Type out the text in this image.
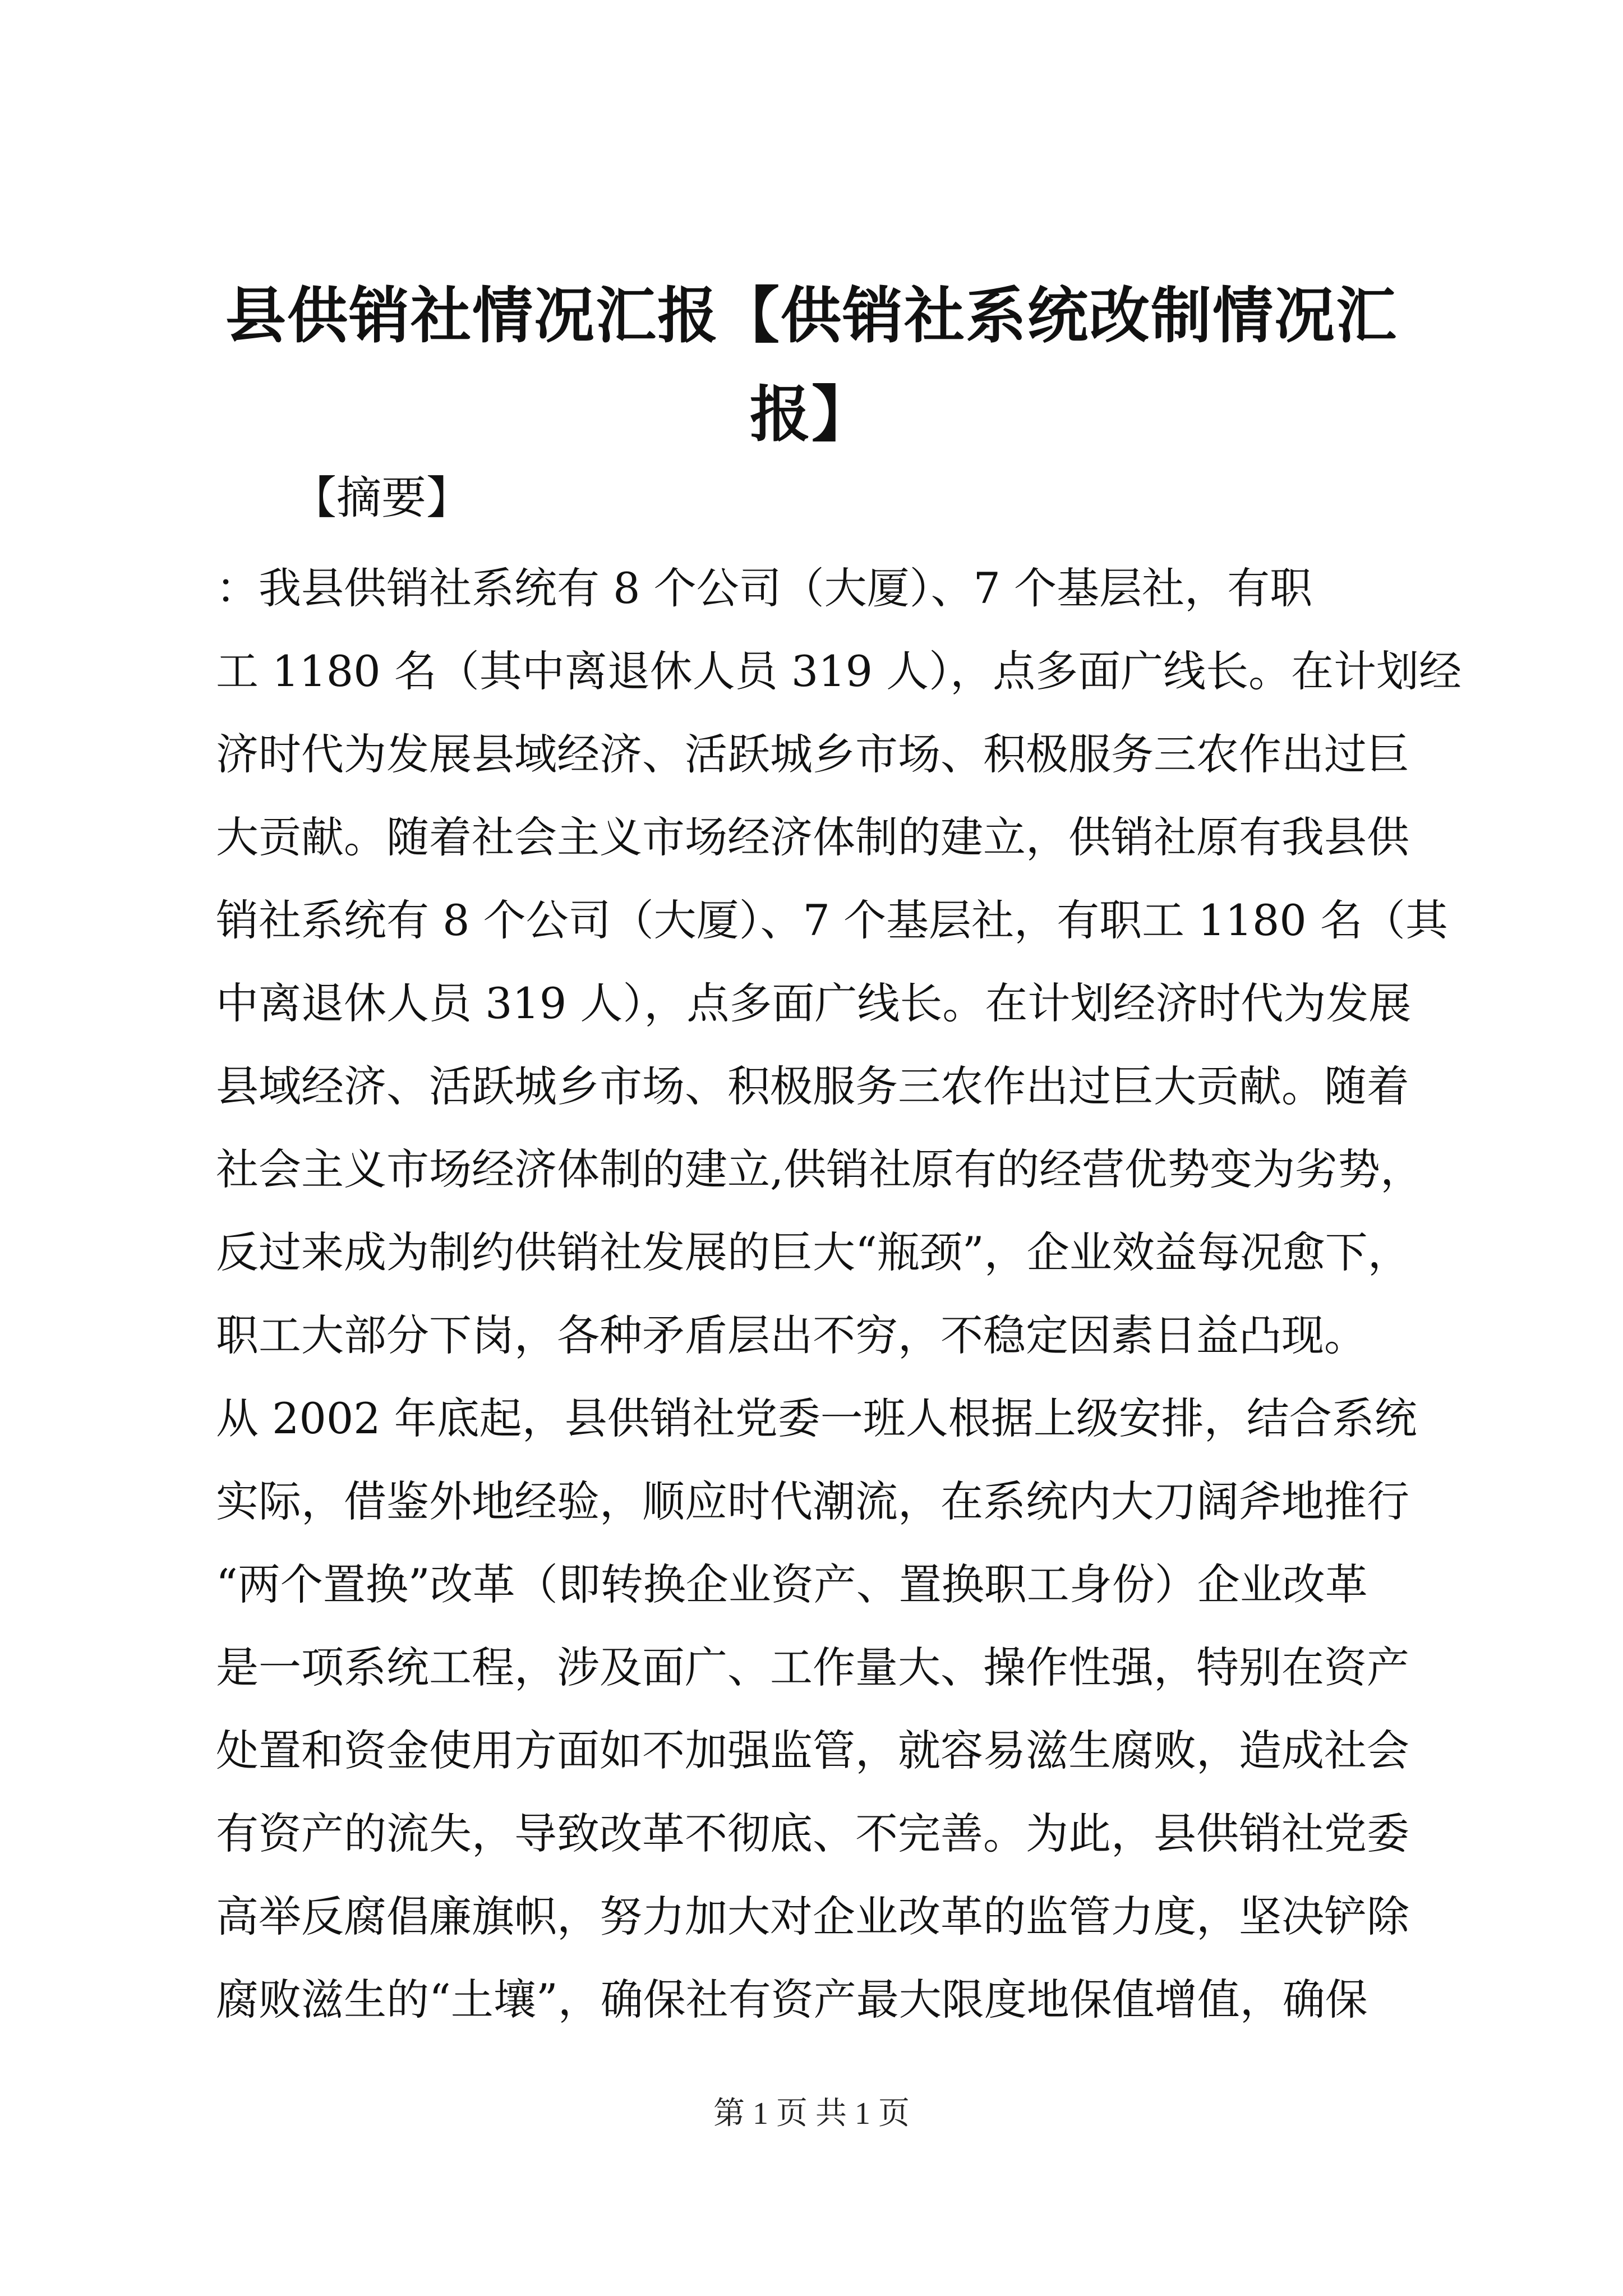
县供销社情况汇报【供销社系统改制情况汇
报】

【摘要】

：我县供销社系统有 8 个公司（大厦）、7 个基层社，有职
工 1180 名（其中离退休人员 319 人），点多面广线长。在计划经
济时代为发展县域经济、活跃城乡市场、积极服务三农作出过巨
大贡献。随着社会主义市场经济体制的建立，供销社原有我县供
销社系统有 8 个公司（大厦）、7 个基层社，有职工 1180 名（其
中离退休人员 319 人），点多面广线长。在计划经济时代为发展
县域经济、活跃城乡市场、积极服务三农作出过巨大贡献。随着
社会主义市场经济体制的建立,供销社原有的经营优势变为劣势，
反过来成为制约供销社发展的巨大“瓶颈”，企业效益每况愈下，
职工大部分下岗，各种矛盾层出不穷，不稳定因素日益凸现。
从 2002 年底起，县供销社党委一班人根据上级安排，结合系统
实际，借鉴外地经验，顺应时代潮流，在系统内大刀阔斧地推行
“两个置换”改革（即转换企业资产、置换职工身份）企业改革
是一项系统工程，涉及面广、工作量大、操作性强，特别在资产
处置和资金使用方面如不加强监管，就容易滋生腐败，造成社会
有资产的流失，导致改革不彻底、不完善。为此，县供销社党委
高举反腐倡廉旗帜，努力加大对企业改革的监管力度，坚决铲除
腐败滋生的“土壤”，确保社有资产最大限度地保值增值，确保
第 1 页 共 1 页
